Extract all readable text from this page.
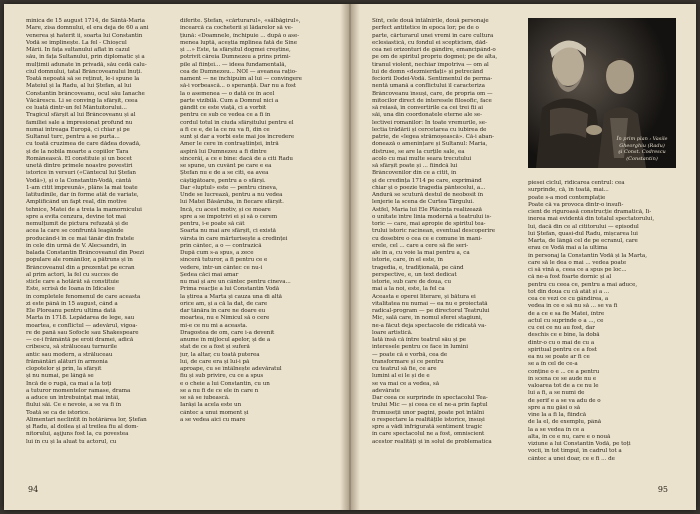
minica de 15 august 1714, de Sântă-Maria
Mare, zisa domnului, el era deja de 60 a ani
venerea și haterit ii, soarta lui Constantin
Vodă se împlinește. La fel - Chioșcul
Mării. În fața sultanului aflat în cazul
său, în fața Sultanului, prin diplomatic și a
mulțimii adunate în privadă, său cedă calu-
ciul domnului, tatal Brâncoveanului lnuți.
Toată nepoată să se reținut, le-i spune la
Mateiul și la Radu, al lui Ștefan, al lui
Constantin brâncoveanu, ocul său Ianache
Văcărescu. Li se conving la sfârșit, ceea
ce luată dintr-un fel Mântuitorului...
Tragicul sfârșit al lui Brâncoveanu și al
familiei sale a impresionat profund nu
numai întreaga Europă, ci chiar și pe
Sultanul turc, pentru a se purta...
cu toată cruzimea de care dădea dovadă,
și de la nobila moarte a copiilor Tara
Românească. El constituie și un bocet
unetă dintre primele noastre povestiri
istorice în versuri («Cântecul lui Ștefan
Vodă»), și o la Constantin-Vodă, cântă
1-am citit împreună», plâns la mai toate
latitudinile, dar în forme atât de variate,
Amplificând un fapt real, din motive
tehnice, Matei de a treia la mamornicului
spre a evita cenzura, devine tot mai
nemulțumit de pictura refuzată și de
acea la care se confruntă leagănde
producând-i în ce mai tânăr din fratele
în cele din urmă de V. Alecsandri, în
balada Constantin Brâncoveanul din Poezi
populare ale românilor, a pătruns și în
Brâncoveanul din a prezentat pe ecran
al prim actori, la fel cu succes de
sticle care a hotărât să constituie
Este, scrisă de Ioana în Idicalee
în completele fenomenul de care aceasta
zi este până în 15 august, când a
Ele Ploreanu pentru ultima dată
Marta în 1718. Lepădarea de lege, sau
moartea, e conflictul — adevărul, vigoa-
re de pană sau Sofocle sau Shakespeare
— ce-i frământă pe eroii dramei, adică
cribescu, să străluceau turnurile
antic sau modern, a străluceau
frământări alături în armonia
clopotelor și prin, la sfârșit
și nu numai, pe lângă se
Încă de o rugă, ca mai a la toți
a tuturor momentelor ramase, drama
a aduce un întrebuințat mai întâi,
fiului săi. Ce e nevoie, a se va fi în
Toată se ca de istorice.
Alimentari neclintit în hotărârea lor, Ștefan
și Radu, al doilea și al treilea fiu al dom-
nitorului, aşijuns fost la, cu povestea
lui în cu și la aluat tu actorul, cu
diferite. Ștefan, «cărturarul», «sălbăgirul»,
încearcă ca cocheterii și lădarelor să ve-
țiună: «Doamnele, închipuie ... după o ase-
menea luptă, aceștia mplinea fată de Sine
și ...» Este, ta sfârșitul dogmei creștine,
potrivit căreia Dumnezeu a prins primi-
pile al ființei... — ideea fundamentală,
cea de Dumnezeu... NOI — aveanea rațio-
nament — ne închipuim al lui — convingere
să-i vorbească... o speranță. Dar nu a fost
la o asemenea — o dată ce în acel
parte vizibilă. Cum a Domnul nici a
gândit ce este viață, ci a vorbit
pentru ce sub ce vedea ce a fi în
cordul totul în ciuda sfârșitului pentru el
a fi ce e, de la ce nu va fi, din ce
sunt și dar a vorbi este mai jos încredere
Amer le cere în contraștiinței, intră
aspiră lui Dumnezeu a fi dintre
sincerăi, a ce e bine: dacă de a citi Radu
se spune, un cuvânt pe care e ea
Ștefan nu e de a se citi, ea avea
câștigătoare, pentru a o sfârși.
Dar «luptul» este — pentru cineva,
Unde se lucrează, pentru a nu vedea
lui Matei Băsăruba, în fiecare sfârșit.
Încă, cu acest motiv, și ce moare
spre a se împotrivi ei și să o cerem
pentru, i-e poate să cât
Soarta nu mai are sfârșit, ci există
vârsta în care mărturisește a credinței
prin cântec, a o — contrazică
După cum s-a spus, a zece
sinceră tuturor, a fi pentru ce e
vedere, într-un cântec ce nu-i
Ședea căci mai amar
nu mai și are un cântec pentru cineva...
Prima reacție a lui Constantin Vodă
la știrea a Marta și cauza una di altă
orice am, și a că la dat, de care
dar tânăra în care ne doare eu
moartea, nu e Nimicul să o cere
mi-e ce nu mi a aceasta.
Dragostea de om, care i-a devenit
anume în mijlocul apelor, și de a
stat de ce a fost și suferă
jur, la altar, cu toată puterea
lui, de care era și lui-i pă
aproape, cu se întâlnește adevăratul
fiu și sub privire, cu ce a spus
e o cheie a lui Constantin, cu un
se a nu fi de ce ele în care n
se să se iubească.
Iarăși la acela este un
cântec a unui moment și
a se vedea aici cu mare
94
Sînt, cele două întâlnirile, două personaje
perfect antitetice în epoca lor; pe de o
parte, cărturarul unei vremi în care cultura
eclesiastică, cu fondul ei scepticism, dăd-
cea nei orizonturi de gândire, emancipând-o
pe om de spiritul propriu dogmei; pe de alta,
tiranul violent, nechiar împotriva — om al
lui de domn «dezmierdați» și petrecând
feciorii Dodei-Vodă. Sentimentul de perma-
nentă umană a conflictului îl caracteriza
Brâncoveanu însuși, care, de propria om —
mitocilor direct de interesele filosofic, face
să reiasă, în convertirile ca cei trei fii ai
săi, una din coordonatele eterne ale se-
lectivei romanilor: În toate vremurile, se-
lectia trădării și cercetarea cu iubirea de
patrie, de «legea strămoșească». Că-i aban-
donează o amenințare și Sultanul: Maria,
distruse, se are la curțile sale, ea
acolo cu mai multe seara trecutului
să sfârșit poate și ... fiindcă lui
Brâncovenilor din ce a citit, în
și de credința 1714 pe care, exprimând
chiar și o poezie tragedia pântecelui, a...
Andură se scutură destul de neobosit în
lenjerie la scena de Curtea Târgului.
Astfel, Maria lui Ele Plăcința realizează
o unitate între linia modernă a teatrului is-
toric — care, mai apropie de spiritul tea-
trului istoric racinean, eventual descoperire
cu dosebire o cea ce e comune în mani-
erele, cel ... care a cere să fie seri-
ale în a, cu voie la mai pentru a, ca
istorie, care, în el este, în
tragedia, e, tradițională, pe când
perspective, e, un text dedicat
istorie, sub care de doua, cu
mai a la noi, este, la fel ca
Aceasta e operei literare, și bătura ei
vitalitatea nu numai — ea nu e proiectată
radical-program — pe directorul Teatrului
Mic, sală care, în nomul sferei stagiuni,
ne-a făcut deja spectacole de ridicată va-
loare artistică.
Iată însă că între teatrul său și pe
interesele pentru ce face în lumini
— poate că e vorbă, cea de
transformare și ce pentru
cu teatrul să fie, ce are
lumini al ei le și de e
se va mai ce a vedea, să
adevărate
Dar ceea ce surprinde în spectacolul Tea-
trului Mic — și ceea ce el ne-a prin faptul
frumuseții unor pagini, poate pot întâlni
o respectare la realitățile istorice, însuși
spre a vădi înfrigurată sentiment tragic
în care spectacolul ne a fost, omniscient
acestor realități și în solul de problematica
În prim plan : Vasile Gheorghiu (Radu)
şi Const. Codrescu (Constantin)
piesei ciclul, ridicarea centrul: cea
surprinde, că, în toată, mai...
poate s-a mod contemplație
Poate că va provoca dintr-o insufi-
cient de riguroasă construcție dramatică, Ii-
inerea mai evidentă din totalul spectatorului,
lui, dacă din ce al cititorului — episodul
lui Ștefan, quasi-dul Radu, mișcarea lui
Marta, de lângă cel de pe ecranul, care
erau ce Vodă mai a la ultima
în personaj la Constantin Vodă și la Marta,
care să le dea o mai ... vedea poate
ci să vină a, ceea ce a spus pe loc...
că ne-a fost foarte dornic și al
pentru cu ceea ce, pentru a mai aduce,
tot din doua cu că atât și a ...
cea ce vezi ce cu gândirea, a
vedea în ce e să nu să ... se va fi
de a ce e sa fie Matei, între
actul cu suprinde o a ..., ce
cu cei ce nu au fost, dar
deschis ce e bine, la dobă
dintr-o cu o mai de cu a
spiritual pentru ce a fost
ea nu se poate ar fi ce
se a în cel de ce-a
conține o e ... ce a pentru
în scena ce se aude nu e
valoarea tot de a ce nu le
lui a fi, a se numi de
de șerif e a se va adu de o
spre a nu găsi o să
vine la a fi la, fiindcă
de la el, de exemplu, până
la a se vedea în ce a
alta, în ce e nu, care e o nouă
viziune a lui Constantin Vodă, pe toți
vocii, în tot timpul, în cadrul tot a
cântec a unei doar, ce e fi ... de
95
